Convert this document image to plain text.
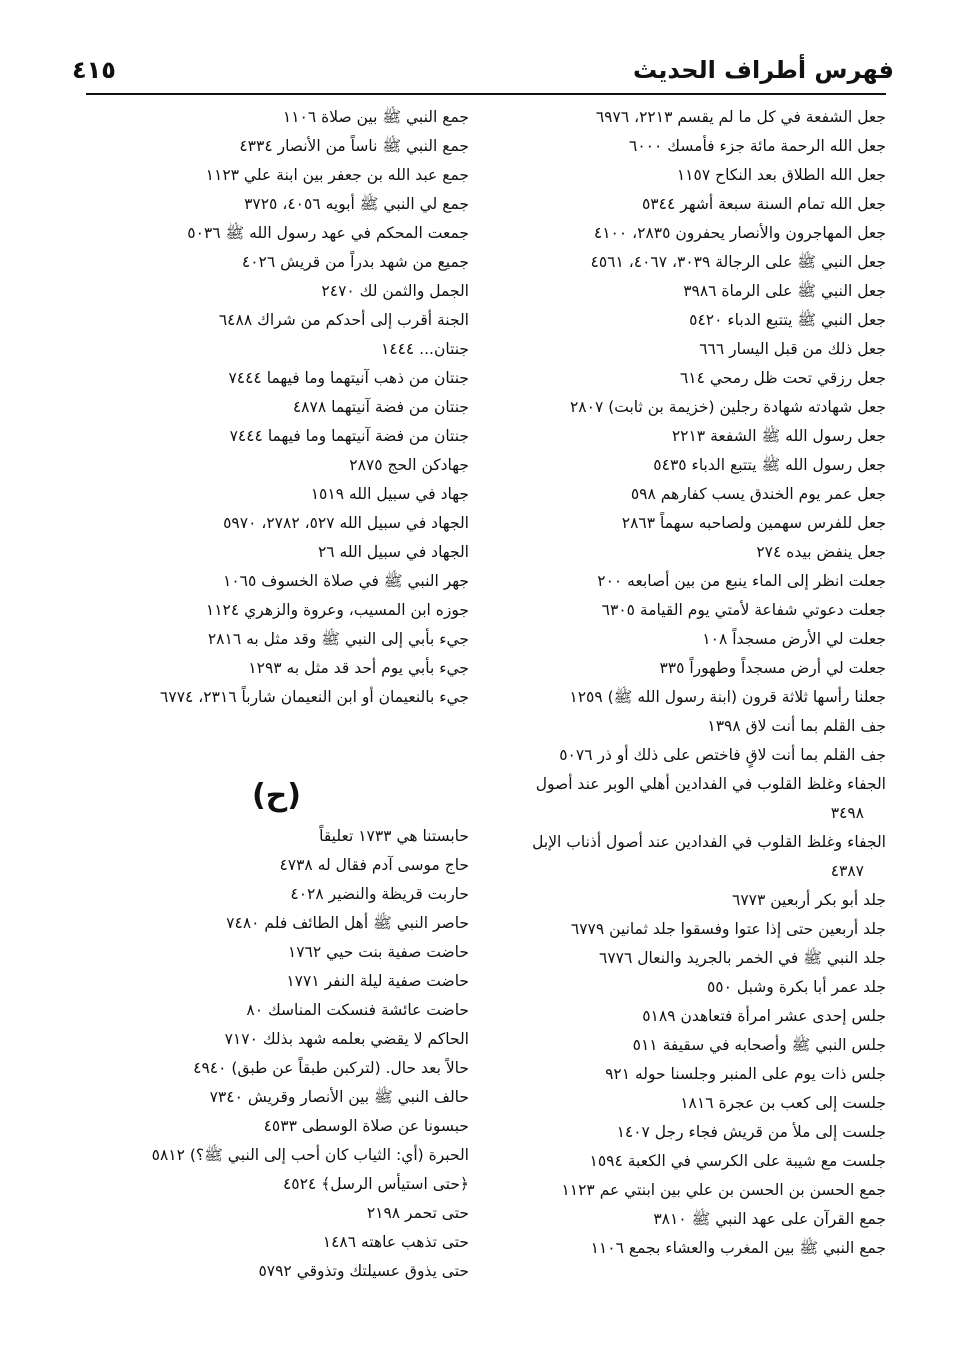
فهرس أطراف الحديث
٤١٥
جعل الشفعة في كل ما لم يقسم ٢٢١٣، ٦٩٧٦
جعل الله الرحمة مائة جزء فأمسك ٦٠٠٠
جعل الله الطلاق بعد النكاح ١١٥٧
جعل الله تمام السنة سبعة أشهر ٥٣٤٤
جعل المهاجرون والأنصار يحفرون ٢٨٣٥، ٤١٠٠
جعل النبي ﷺ على الرجالة ٣٠٣٩، ٤٠٦٧، ٤٥٦١
جعل النبي ﷺ على الرماة ٣٩٨٦
جعل النبي ﷺ يتتبع الدباء ٥٤٢٠
جعل ذلك من قبل اليسار ٦٦٦
جعل رزقي تحت ظل رمحي ٦١٤
جعل شهادته شهادة رجلين (خزيمة بن ثابت) ٢٨٠٧
جعل رسول الله ﷺ الشفعة ٢٢١٣
جعل رسول الله ﷺ يتتبع الدباء ٥٤٣٥
جعل عمر يوم الخندق يسب كفارهم ٥٩٨
جعل للفرس سهمين ولصاحبه سهماً ٢٨٦٣
جعل ينفض بيده ٢٧٤
جعلت انظر إلى الماء ينبع من بين أصابعه ٢٠٠
جعلت دعوتي شفاعة لأمتي يوم القيامة ٦٣٠٥
جعلت لي الأرض مسجداً ١٠٨
جعلت لي أرض مسجداً وطهوراً ٣٣٥
جعلنا رأسها ثلاثة قرون (ابنة رسول الله ﷺ) ١٢٥٩
جف القلم بما أنت لاق ١٣٩٨
جف القلم بما أنت لاقٍ فاختص على ذلك أو ذر ٥٠٧٦
الجفاء وغلظ القلوب في الفدادين أهلي الوبر عند أصول
٣٤٩٨
الجفاء وغلظ القلوب في الفدادين عند أصول أذناب الإبل
٤٣٨٧
جلد أبو بكر أربعين ٦٧٧٣
جلد أربعين حتى إذا عتوا وفسقوا جلد ثمانين ٦٧٧٩
جلد النبي ﷺ في الخمر بالجريد والنعال ٦٧٧٦
جلد عمر أبا بكرة وشبل ٥٥٠
جلس إحدى عشر امرأة فتعاهدن ٥١٨٩
جلس النبي ﷺ وأصحابه في سقيفة ٥١١
جلس ذات يوم على المنبر وجلسنا حوله ٩٢١
جلست إلى كعب بن عجرة ١٨١٦
جلست إلى ملأ من قريش فجاء رجل ١٤٠٧
جلست مع شيبة على الكرسي في الكعبة ١٥٩٤
جمع الحسن بن الحسن بن علي بين ابنتي عم ١١٢٣
جمع القرآن على عهد النبي ﷺ ٣٨١٠
جمع النبي ﷺ بين المغرب والعشاء بجمع ١١٠٦
جمع النبي ﷺ بين صلاة ١١٠٦
جمع النبي ﷺ ناساً من الأنصار ٤٣٣٤
جمع عبد الله بن جعفر بين ابنة علي ١١٢٣
جمع لي النبي ﷺ أبويه ٤٠٥٦، ٣٧٢٥
جمعت المحكم في عهد رسول الله ﷺ ٥٠٣٦
جميع من شهد بدراً من قريش ٤٠٢٦
الجمل والثمن لك ٢٤٧٠
الجنة أقرب إلى أحدكم من شراك ٦٤٨٨
جنتان... ١٤٤٤
جنتان من ذهب آنيتهما وما فيهما ٧٤٤٤
جنتان من فضة آنيتهما ٤٨٧٨
جنتان من فضة آنيتهما وما فيهما ٧٤٤٤
جهادكن الحج ٢٨٧٥
جهاد في سبيل الله ١٥١٩
الجهاد في سبيل الله ٥٢٧، ٢٧٨٢، ٥٩٧٠
الجهاد في سبيل الله ٢٦
جهر النبي ﷺ في صلاة الخسوف ١٠٦٥
جوزه ابن المسيب، وعروة والزهري ١١٢٤
جيء بأبي إلى النبي ﷺ وقد مثل به ٢٨١٦
جيء بأبي يوم أحد قد مثل به ١٢٩٣
جيء بالنعيمان أو ابن النعيمان شارباً ٢٣١٦، ٦٧٧٤
(ح)
حابستنا هي ١٧٣٣ تعليقاً
حاج موسى آدم فقال له ٤٧٣٨
حاربت قريظة والنضير ٤٠٢٨
حاصر النبي ﷺ أهل الطائف فلم ٧٤٨٠
حاضت صفية بنت حيي ١٧٦٢
حاضت صفية ليلة النفر ١٧٧١
حاضت عائشة فنسكت المناسك ٨٠
الحاكم لا يقضي بعلمه شهد بذلك ٧١٧٠
حالاً بعد حال. (لتركبن طبقاً عن طبق) ٤٩٤٠
حالف النبي ﷺ بين الأنصار وقريش ٧٣٤٠
حبسونا عن صلاة الوسطى ٤٥٣٣
الحبرة (أي: الثياب كان أحب إلى النبي ﷺ؟) ٥٨١٢
﴿حتى استيأس الرسل﴾ ٤٥٢٤
حتى تحمر ٢١٩٨
حتى تذهب عاهته ١٤٨٦
حتى يذوق عسيلتك وتذوقي ٥٧٩٢
